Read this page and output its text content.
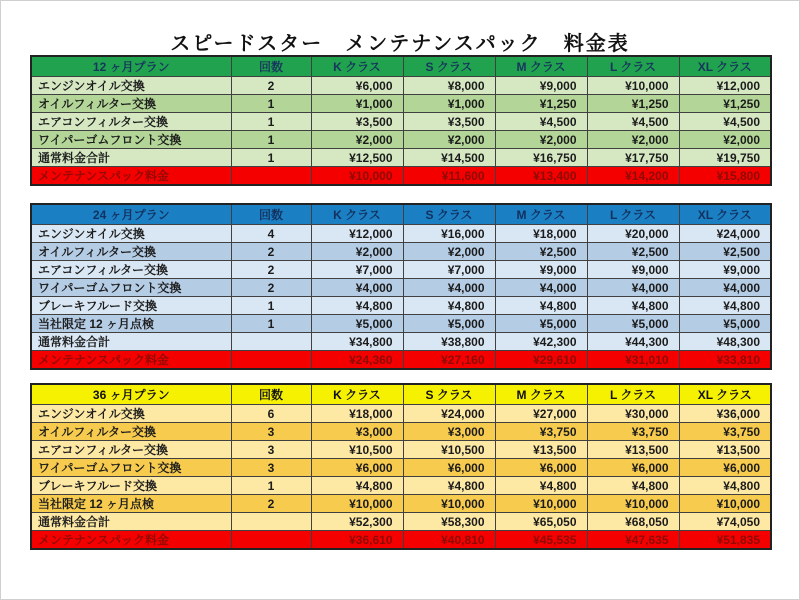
スピードスター　メンテナンスパック　料金表
12 ヶ月プラン	回数	K クラス	S クラス	M クラス	L クラス	XL クラス
エンジンオイル交換	2	¥6,000	¥8,000	¥9,000	¥10,000	¥12,000
オイルフィルター交換	1	¥1,000	¥1,000	¥1,250	¥1,250	¥1,250
エアコンフィルター交換	1	¥3,500	¥3,500	¥4,500	¥4,500	¥4,500
ワイパーゴムフロント交換	1	¥2,000	¥2,000	¥2,000	¥2,000	¥2,000
通常料金合計	1	¥12,500	¥14,500	¥16,750	¥17,750	¥19,750
メンテナンスパック料金		¥10,000	¥11,600	¥13,400	¥14,200	¥15,800
24 ヶ月プラン	回数	K クラス	S クラス	M クラス	L クラス	XL クラス
エンジンオイル交換	4	¥12,000	¥16,000	¥18,000	¥20,000	¥24,000
オイルフィルター交換	2	¥2,000	¥2,000	¥2,500	¥2,500	¥2,500
エアコンフィルター交換	2	¥7,000	¥7,000	¥9,000	¥9,000	¥9,000
ワイパーゴムフロント交換	2	¥4,000	¥4,000	¥4,000	¥4,000	¥4,000
ブレーキフルード交換	1	¥4,800	¥4,800	¥4,800	¥4,800	¥4,800
当社限定 12 ヶ月点検	1	¥5,000	¥5,000	¥5,000	¥5,000	¥5,000
通常料金合計		¥34,800	¥38,800	¥42,300	¥44,300	¥48,300
メンテナンスパック料金		¥24,360	¥27,160	¥29,610	¥31,010	¥33,810
36 ヶ月プラン	回数	K クラス	S クラス	M クラス	L クラス	XL クラス
エンジンオイル交換	6	¥18,000	¥24,000	¥27,000	¥30,000	¥36,000
オイルフィルター交換	3	¥3,000	¥3,000	¥3,750	¥3,750	¥3,750
エアコンフィルター交換	3	¥10,500	¥10,500	¥13,500	¥13,500	¥13,500
ワイパーゴムフロント交換	3	¥6,000	¥6,000	¥6,000	¥6,000	¥6,000
ブレーキフルード交換	1	¥4,800	¥4,800	¥4,800	¥4,800	¥4,800
当社限定 12 ヶ月点検	2	¥10,000	¥10,000	¥10,000	¥10,000	¥10,000
通常料金合計		¥52,300	¥58,300	¥65,050	¥68,050	¥74,050
メンテナンスパック料金		¥36,610	¥40,810	¥45,535	¥47,635	¥51,835
